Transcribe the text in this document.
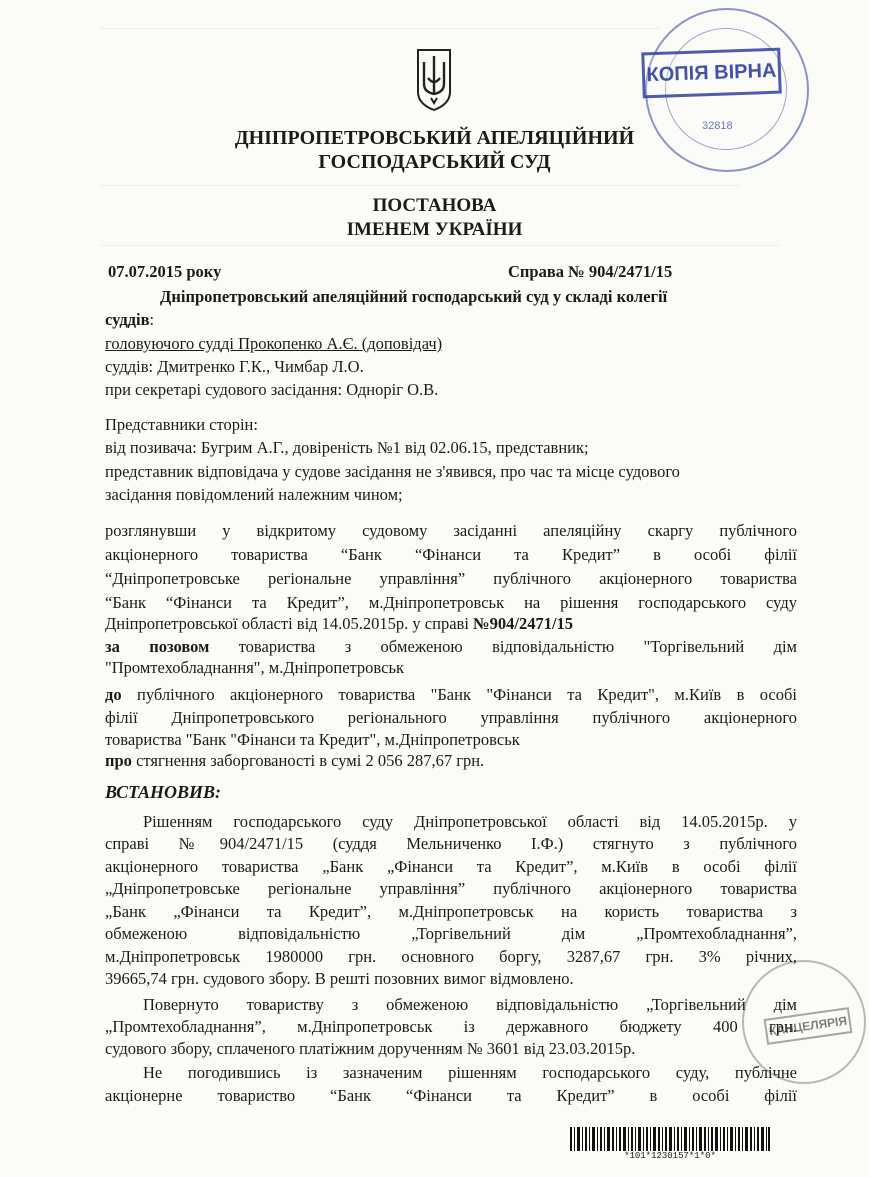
КОПІЯ ВІРНА
32818
ДНІПРОПЕТРОВСЬКИЙ АПЕЛЯЦІЙНИЙ
ГОСПОДАРСЬКИЙ СУД
ПОСТАНОВА
ІМЕНЕМ УКРАЇНИ
07.07.2015 року	Справа № 904/2471/15
Дніпропетровський апеляційний господарський суд у складі колегії
суддів:
головуючого судді Прокопенко А.Є. (доповідач)
суддів: Дмитренко Г.К., Чимбар Л.О.
при секретарі судового засідання: Одноріг О.В.
Представники сторін:
від позивача: Бугрим А.Г., довіреність №1 від 02.06.15, представник;
представник відповідача у судове засідання не з'явився, про час та місце судового
засідання повідомлений належним чином;
розглянувши у відкритому судовому засіданні апеляційну скаргу публічного
акціонерного товариства “Банк “Фінанси та Кредит” в особі філії
“Дніпропетровське регіональне управління” публічного акціонерного товариства
“Банк “Фінанси та Кредит”, м.Дніпропетровськ на рішення господарського суду
Дніпропетровської області від 14.05.2015р. у справі №904/2471/15
за позовом товариства з обмеженою відповідальністю "Торгівельний дім
"Промтехобладнання", м.Дніпропетровськ
до публічного акціонерного товариства "Банк "Фінанси та Кредит", м.Київ в особі
філії Дніпропетровського регіонального управління публічного акціонерного
товариства "Банк "Фінанси та Кредит", м.Дніпропетровськ
про стягнення заборгованості в сумі 2 056 287,67 грн.
ВСТАНОВИВ:
Рішенням господарського суду Дніпропетровської області від 14.05.2015р. у
справі №904/2471/15 (суддя Мельниченко І.Ф.) стягнуто з публічного
акціонерного товариства „Банк „Фінанси та Кредит”, м.Київ в особі філії
„Дніпропетровське регіональне управління” публічного акціонерного товариства
„Банк „Фінанси та Кредит”, м.Дніпропетровськ на користь товариства з
обмеженою відповідальністю „Торгівельний дім „Промтехобладнання”,
м.Дніпропетровськ 1980000 грн. основного боргу, 3287,67 грн. 3% річних,
39665,74 грн. судового збору. В решті позовних вимог відмовлено.
Повернуто товариству з обмеженою відповідальністю „Торгівельний дім
„Промтехобладнання”, м.Дніпропетровськ із державного бюджету 400 грн.
судового збору, сплаченого платіжним дорученням № 3601 від 23.03.2015р.
Не погодившись із зазначеним рішенням господарського суду, публічне
акціонерне товариство “Банк “Фінанси та Кредит” в особі філії
КАНЦЕЛЯРІЯ
*101*1230157*1*0*
